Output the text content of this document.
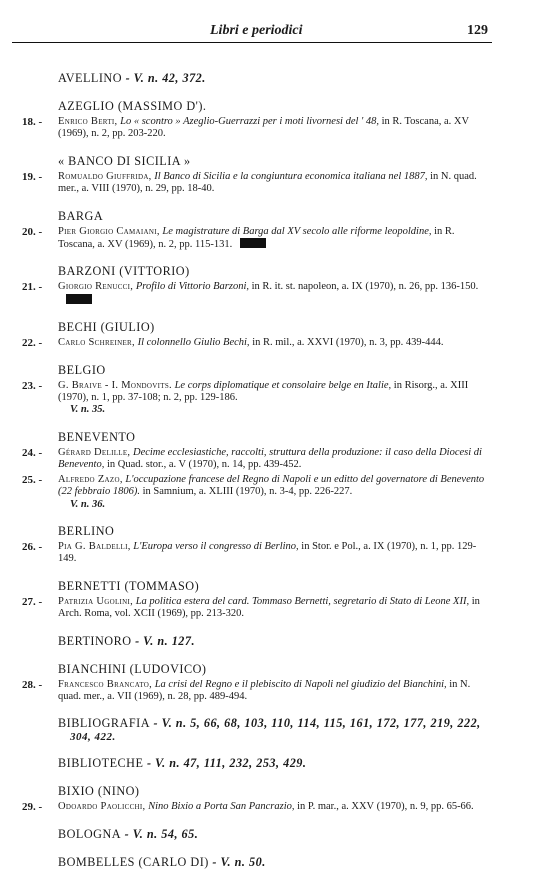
Libri e periodici	129
AVELLINO - V. n. 42, 372.
AZEGLIO (MASSIMO D').
18. - Enrico Berti, Lo « scontro » Azeglio-Guerrazzi per i moti livornesi del ' 48, in R. Toscana, a. XV (1969), n. 2, pp. 203-220.
« BANCO DI SICILIA »
19. - Romualdo Giuffrida, Il Banco di Sicilia e la congiuntura economica italiana nel 1887, in N. quad. mer., a. VIII (1970), n. 29, pp. 18-40.
BARGA
20. - Pier Giorgio Camaiani, Le magistrature di Barga dal XV secolo alle riforme leopoldine, in R. Toscana, a. XV (1969), n. 2, pp. 115-131.
BARZONI (VITTORIO)
21. - Giorgio Renucci, Profilo di Vittorio Barzoni, in R. it. st. napoleon, a. IX (1970), n. 26, pp. 136-150.
BECHI (GIULIO)
22. - Carlo Schreiner, Il colonnello Giulio Bechi, in R. mil., a. XXVI (1970), n. 3, pp. 439-444.
BELGIO
23. - G. Braive - I. Mondovits. Le corps diplomatique et consolaire belge en Italie, in Risorg., a. XIII (1970), n. 1, pp. 37-108; n. 2, pp. 129-186.
V. n. 35.
BENEVENTO
24. - Gérard Delille, Decime ecclesiastiche, raccolti, struttura della produzione: il caso della Diocesi di Benevento, in Quad. stor., a. V (1970), n. 14, pp. 439-452.
25. - Alfredo Zazo, L'occupazione francese del Regno di Napoli e un editto del governatore di Benevento (22 febbraio 1806). in Samnium, a. XLIII (1970), n. 3-4, pp. 226-227.
V. n. 36.
BERLINO
26. - Pia G. Baldelli, L'Europa verso il congresso di Berlino, in Stor. e Pol., a. IX (1970), n. 1, pp. 129-149.
BERNETTI (TOMMASO)
27. - Patrizia Ugolini, La politica estera del card. Tommaso Bernetti, segretario di Stato di Leone XII, in Arch. Roma, vol. XCII (1969), pp. 213-320.
BERTINORO - V. n. 127.
BIANCHINI (LUDOVICO)
28. - Francesco Brancato, La crisi del Regno e il plebiscito di Napoli nel giudizio del Bianchini, in N. quad. mer., a. VII (1969), n. 28, pp. 489-494.
BIBLIOGRAFIA - V. n. 5, 66, 68, 103, 110, 114, 115, 161, 172, 177, 219, 222,
304, 422.
BIBLIOTECHE - V. n. 47, 111, 232, 253, 429.
BIXIO (NINO)
29. - Odoardo Paolicchi, Nino Bixio a Porta San Pancrazio, in P. mar., a. XXV (1970), n. 9, pp. 65-66.
BOLOGNA - V. n. 54, 65.
BOMBELLES (CARLO DI) - V. n. 50.
